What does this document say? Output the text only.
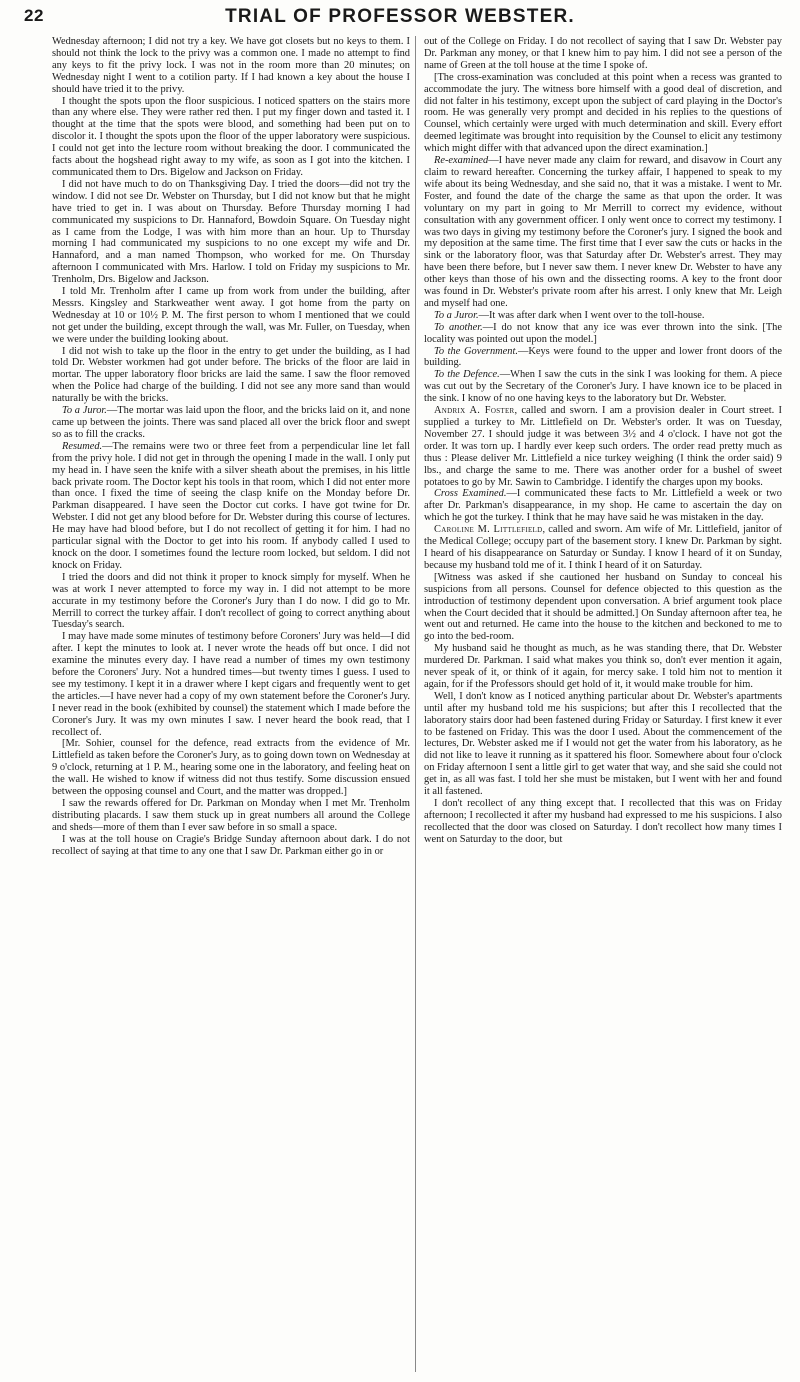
22	TRIAL OF PROFESSOR WEBSTER.

Wednesday afternoon; I did not try a key. We have got closets but no keys to them. I should not think the lock to the privy was a common one. I made no attempt to find any keys to fit the privy lock. I was not in the room more than 20 minutes; on Wednesday night I went to a cotilion party. If I had known a key about the house I should have tried it to the privy.

I thought the spots upon the floor suspicious. I noticed spatters on the stairs more than any where else. They were rather red then. I put my finger down and tasted it. I thought at the time that the spots were blood, and something had been put on to discolor it. I thought the spots upon the floor of the upper laboratory were suspicious. I could not get into the lecture room without breaking the door. I communicated the facts about the hogshead right away to my wife, as soon as I got into the kitchen. I communicated them to Drs. Bigelow and Jackson on Friday.

I did not have much to do on Thanksgiving Day. I tried the doors—did not try the window. I did not see Dr. Webster on Thursday, but I did not know but that he might have tried to get in. I was about on Thursday. Before Thursday morning I had communicated my suspicions to Dr. Hannaford, Bowdoin Square. On Tuesday night as I came from the Lodge, I was with him more than an hour. Up to Thursday morning I had communicated my suspicions to no one except my wife and Dr. Hannaford, and a man named Thompson, who worked for me. On Thursday afternoon I communicated with Mrs. Harlow. I told on Friday my suspicions to Mr. Trenholm, Drs. Bigelow and Jackson.

I told Mr. Trenholm after I came up from work from under the building, after Messrs. Kingsley and Starkweather went away. I got home from the party on Wednesday at 10 or 10½ P. M. The first person to whom I mentioned that we could not get under the building, except through the wall, was Mr. Fuller, on Tuesday, when we were under the building looking about.

I did not wish to take up the floor in the entry to get under the building, as I had told Dr. Webster workmen had got under before. The bricks of the floor are laid in mortar. The upper laboratory floor bricks are laid the same. I saw the floor removed when the Police had charge of the building. I did not see any more sand than would naturally be with the bricks.

To a Juror.—The mortar was laid upon the floor, and the bricks laid on it, and none came up between the joints. There was sand placed all over the brick floor and swept so as to fill the cracks.

Resumed.—The remains were two or three feet from a perpendicular line let fall from the privy hole. I did not get in through the opening I made in the wall. I only put my head in. I have seen the knife with a silver sheath about the premises, in his little back private room. The Doctor kept his tools in that room, which I did not enter more than once. I fixed the time of seeing the clasp knife on the Monday before Dr. Parkman disappeared. I have seen the Doctor cut corks. I have got twine for Dr. Webster. I did not get any blood before for Dr. Webster during this course of lectures. He may have had blood before, but I do not recollect of getting it for him. I had no particular signal with the Doctor to get into his room. If anybody called I used to knock on the door. I sometimes found the lecture room locked, but seldom. I did not knock on Friday.

I tried the doors and did not think it proper to knock simply for myself. When he was at work I never attempted to force my way in. I did not attempt to be more accurate in my testimony before the Coroner's Jury than I do now. I did go to Mr. Merrill to correct the turkey affair. I don't recollect of going to correct anything about Tuesday's search.

I may have made some minutes of testimony before Coroners' Jury was held—I did after. I kept the minutes to look at. I never wrote the heads off but once. I did not examine the minutes every day. I have read a number of times my own testimony before the Coroners' Jury. Not a hundred times—but twenty times I guess. I used to see my testimony. I kept it in a drawer where I kept cigars and frequently went to get the articles.—I have never had a copy of my own statement before the Coroner's Jury. I never read in the book (exhibited by counsel) the statement which I made before the Coroner's Jury. It was my own minutes I saw. I never heard the book read, that I recollect of.

[Mr. Sohier, counsel for the defence, read extracts from the evidence of Mr. Littlefield as taken before the Coroner's Jury, as to going down town on Wednesday at 9 o'clock, returning at 1 P. M., hearing some one in the laboratory, and feeling heat on the wall. He wished to know if witness did not thus testify. Some discussion ensued between the opposing counsel and Court, and the matter was dropped.]

I saw the rewards offered for Dr. Parkman on Monday when I met Mr. Trenholm distributing placards. I saw them stuck up in great numbers all around the College and sheds—more of them than I ever saw before in so small a space.

I was at the toll house on Cragie's Bridge Sunday afternoon about dark. I do not recollect of saying at that time to any one that I saw Dr. Parkman either go in or

out of the College on Friday. I do not recollect of saying that I saw Dr. Webster pay Dr. Parkman any money, or that I knew him to pay him. I did not see a person of the name of Green at the toll house at the time I spoke of.

[The cross-examination was concluded at this point when a recess was granted to accommodate the jury. The witness bore himself with a good deal of discretion, and did not falter in his testimony, except upon the subject of card playing in the Doctor's room. He was generally very prompt and decided in his replies to the questions of Counsel, which certainly were urged with much determination and skill. Every effort deemed legitimate was brought into requisition by the Counsel to elicit any testimony which might differ with that advanced upon the direct examination.]

Re-examined—I have never made any claim for reward, and disavow in Court any claim to reward hereafter. Concerning the turkey affair, I happened to speak to my wife about its being Wednesday, and she said no, that it was a mistake. I went to Mr. Foster, and found the date of the charge the same as that upon the order. It was voluntary on my part in going to Mr Merrill to correct my evidence, without consultation with any government officer. I only went once to correct my testimony. I was two days in giving my testimony before the Coroner's jury. I signed the book and my deposition at the same time. The first time that I ever saw the cuts or hacks in the sink or the laboratory floor, was that Saturday after Dr. Webster's arrest. They may have been there before, but I never saw them. I never knew Dr. Webster to have any other keys than those of his own and the dissecting rooms. A key to the front door was found in Dr. Webster's private room after his arrest. I only knew that Mr. Leigh and myself had one.

To a Juror.—It was after dark when I went over to the toll-house.

To another.—I do not know that any ice was ever thrown into the sink. [The locality was pointed out upon the model.]

To the Government.—Keys were found to the upper and lower front doors of the building.

To the Defence.—When I saw the cuts in the sink I was looking for them. A piece was cut out by the Secretary of the Coroner's Jury. I have known ice to be placed in the sink. I know of no one having keys to the laboratory but Dr. Webster.

Andrix A. Foster, called and sworn. I am a provision dealer in Court street. I supplied a turkey to Mr. Littlefield on Dr. Webster's order. It was on Tuesday, November 27. I should judge it was between 3½ and 4 o'clock. I have not got the order. It was torn up. I hardly ever keep such orders. The order read pretty much as thus : Please deliver Mr. Littlefield a nice turkey weighing (I think the order said) 9 lbs., and charge the same to me. There was another order for a bushel of sweet potatoes to go by Mr. Sawin to Cambridge. I identify the charges upon my books.

Cross Examined.—I communicated these facts to Mr. Littlefield a week or two after Dr. Parkman's disappearance, in my shop. He came to ascertain the day on which he got the turkey. I think that he may have said he was mistaken in the day.

Caroline M. Littlefield, called and sworn. Am wife of Mr. Littlefield, janitor of the Medical College; occupy part of the basement story. I knew Dr. Parkman by sight. I heard of his disappearance on Saturday or Sunday. I know I heard of it on Sunday, because my husband told me of it. I think I heard of it on Saturday.

[Witness was asked if she cautioned her husband on Sunday to conceal his suspicions from all persons. Counsel for defence objected to this question as the introduction of testimony dependent upon conversation. A brief argument took place when the Court decided that it should be admitted.] On Sunday afternoon after tea, he went out and returned. He came into the house to the kitchen and beckoned to me to go into the bed-room.

My husband said he thought as much, as he was standing there, that Dr. Webster murdered Dr. Parkman. I said what makes you think so, don't ever mention it again, never speak of it, or think of it again, for mercy sake. I told him not to mention it again, for if the Professors should get hold of it, it would make trouble for him.

Well, I don't know as I noticed anything particular about Dr. Webster's apartments until after my husband told me his suspicions; but after this I recollected that the laboratory stairs door had been fastened during Friday or Saturday. I first knew it ever to be fastened on Friday. This was the door I used. About the commencement of the lectures, Dr. Webster asked me if I would not get the water from his laboratory, as he did not like to leave it running as it spattered his floor. Somewhere about four o'clock on Friday afternoon I sent a little girl to get water that way, and she said she could not get in, as all was fast. I told her she must be mistaken, but I went with her and found it all fastened.

I don't recollect of any thing except that. I recollected that this was on Friday afternoon; I recollected it after my husband had expressed to me his suspicions. I also recollected that the door was closed on Saturday. I don't recollect how many times I went on Saturday to the door, but
